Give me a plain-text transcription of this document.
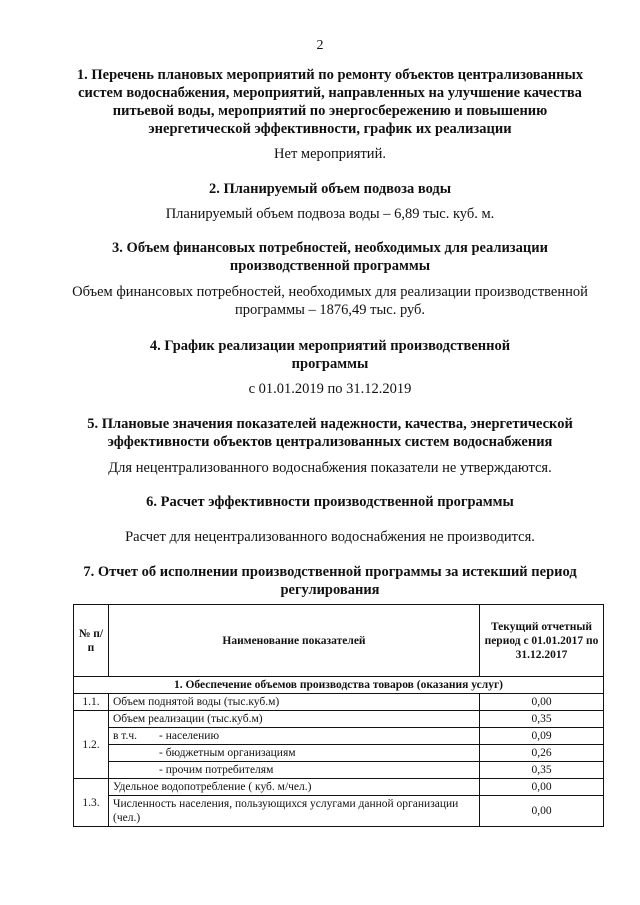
2
1. Перечень плановых мероприятий по ремонту объектов централизованных систем водоснабжения, мероприятий, направленных на улучшение качества питьевой воды, мероприятий по энергосбережению и повышению энергетической эффективности, график их реализации
Нет мероприятий.
2. Планируемый объем подвоза воды
Планируемый объем подвоза воды – 6,89 тыс. куб. м.
3. Объем финансовых потребностей, необходимых для реализации производственной программы
Объем финансовых потребностей, необходимых для реализации производственной программы – 1876,49 тыс. руб.
4. График реализации мероприятий производственной программы
с 01.01.2019 по 31.12.2019
5. Плановые значения показателей надежности, качества, энергетической эффективности объектов централизованных систем водоснабжения
Для нецентрализованного водоснабжения показатели не утверждаются.
6. Расчет эффективности производственной программы
Расчет для нецентрализованного водоснабжения не производится.
7. Отчет об исполнении производственной программы за истекший период регулирования
№ п/п	Наименование показателей	Текущий отчетный период с 01.01.2017 по 31.12.2017
1. Обеспечение объемов производства товаров (оказания услуг)		
1.1.	Объем поднятой воды (тыс.куб.м)	0,00
1.2.	Объем реализации (тыс.куб.м)	0,35
	в т.ч. - населению	0,09
	- бюджетным организациям	0,26
	- прочим потребителям	0,35
1.3.	Удельное водопотребление ( куб. м/чел.)	0,00
	Численность населения, пользующихся услугами данной организации (чел.)	0,00
